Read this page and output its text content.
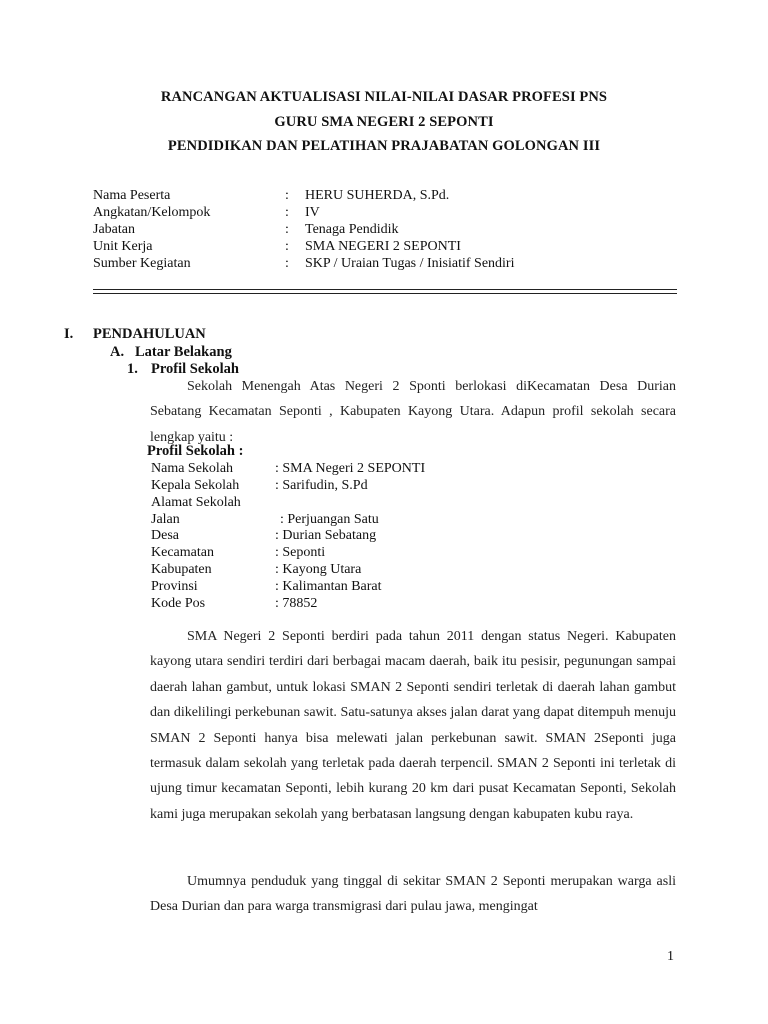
RANCANGAN AKTUALISASI NILAI-NILAI DASAR PROFESI PNS
GURU SMA NEGERI 2 SEPONTI
PENDIDIKAN DAN PELATIHAN PRAJABATAN GOLONGAN III
Nama Peserta	: HERU SUHERDA, S.Pd.
Angkatan/Kelompok	: IV
Jabatan	: Tenaga Pendidik
Unit Kerja	: SMA NEGERI 2 SEPONTI
Sumber Kegiatan	: SKP / Uraian Tugas / Inisiatif Sendiri
I. PENDAHULUAN
A. Latar Belakang
1. Profil Sekolah
Sekolah Menengah Atas Negeri 2 Sponti berlokasi diKecamatan Desa Durian Sebatang Kecamatan Seponti , Kabupaten Kayong Utara. Adapun profil sekolah secara lengkap yaitu :
Profil Sekolah :
Nama Sekolah	: SMA Negeri 2 SEPONTI
Kepala Sekolah	: Sarifudin, S.Pd
Alamat Sekolah
Jalan	: Perjuangan Satu
Desa	: Durian Sebatang
Kecamatan	: Seponti
Kabupaten	: Kayong Utara
Provinsi	: Kalimantan Barat
Kode Pos	: 78852
SMA Negeri 2 Seponti berdiri pada tahun 2011 dengan status Negeri. Kabupaten kayong utara sendiri terdiri dari berbagai macam daerah, baik itu pesisir, pegunungan sampai daerah lahan gambut, untuk lokasi SMAN 2 Seponti sendiri terletak di daerah lahan gambut dan dikelilingi perkebunan sawit. Satu-satunya akses jalan darat yang dapat ditempuh menuju SMAN 2 Seponti hanya bisa melewati jalan perkebunan sawit. SMAN 2Seponti juga termasuk dalam sekolah yang terletak pada daerah terpencil. SMAN 2 Seponti ini terletak di ujung timur kecamatan Seponti, lebih kurang 20 km dari pusat Kecamatan Seponti, Sekolah kami juga merupakan sekolah yang berbatasan langsung dengan kabupaten kubu raya.
Umumnya penduduk yang tinggal di sekitar SMAN 2 Seponti merupakan warga asli Desa Durian dan para warga transmigrasi dari pulau jawa, mengingat
1
